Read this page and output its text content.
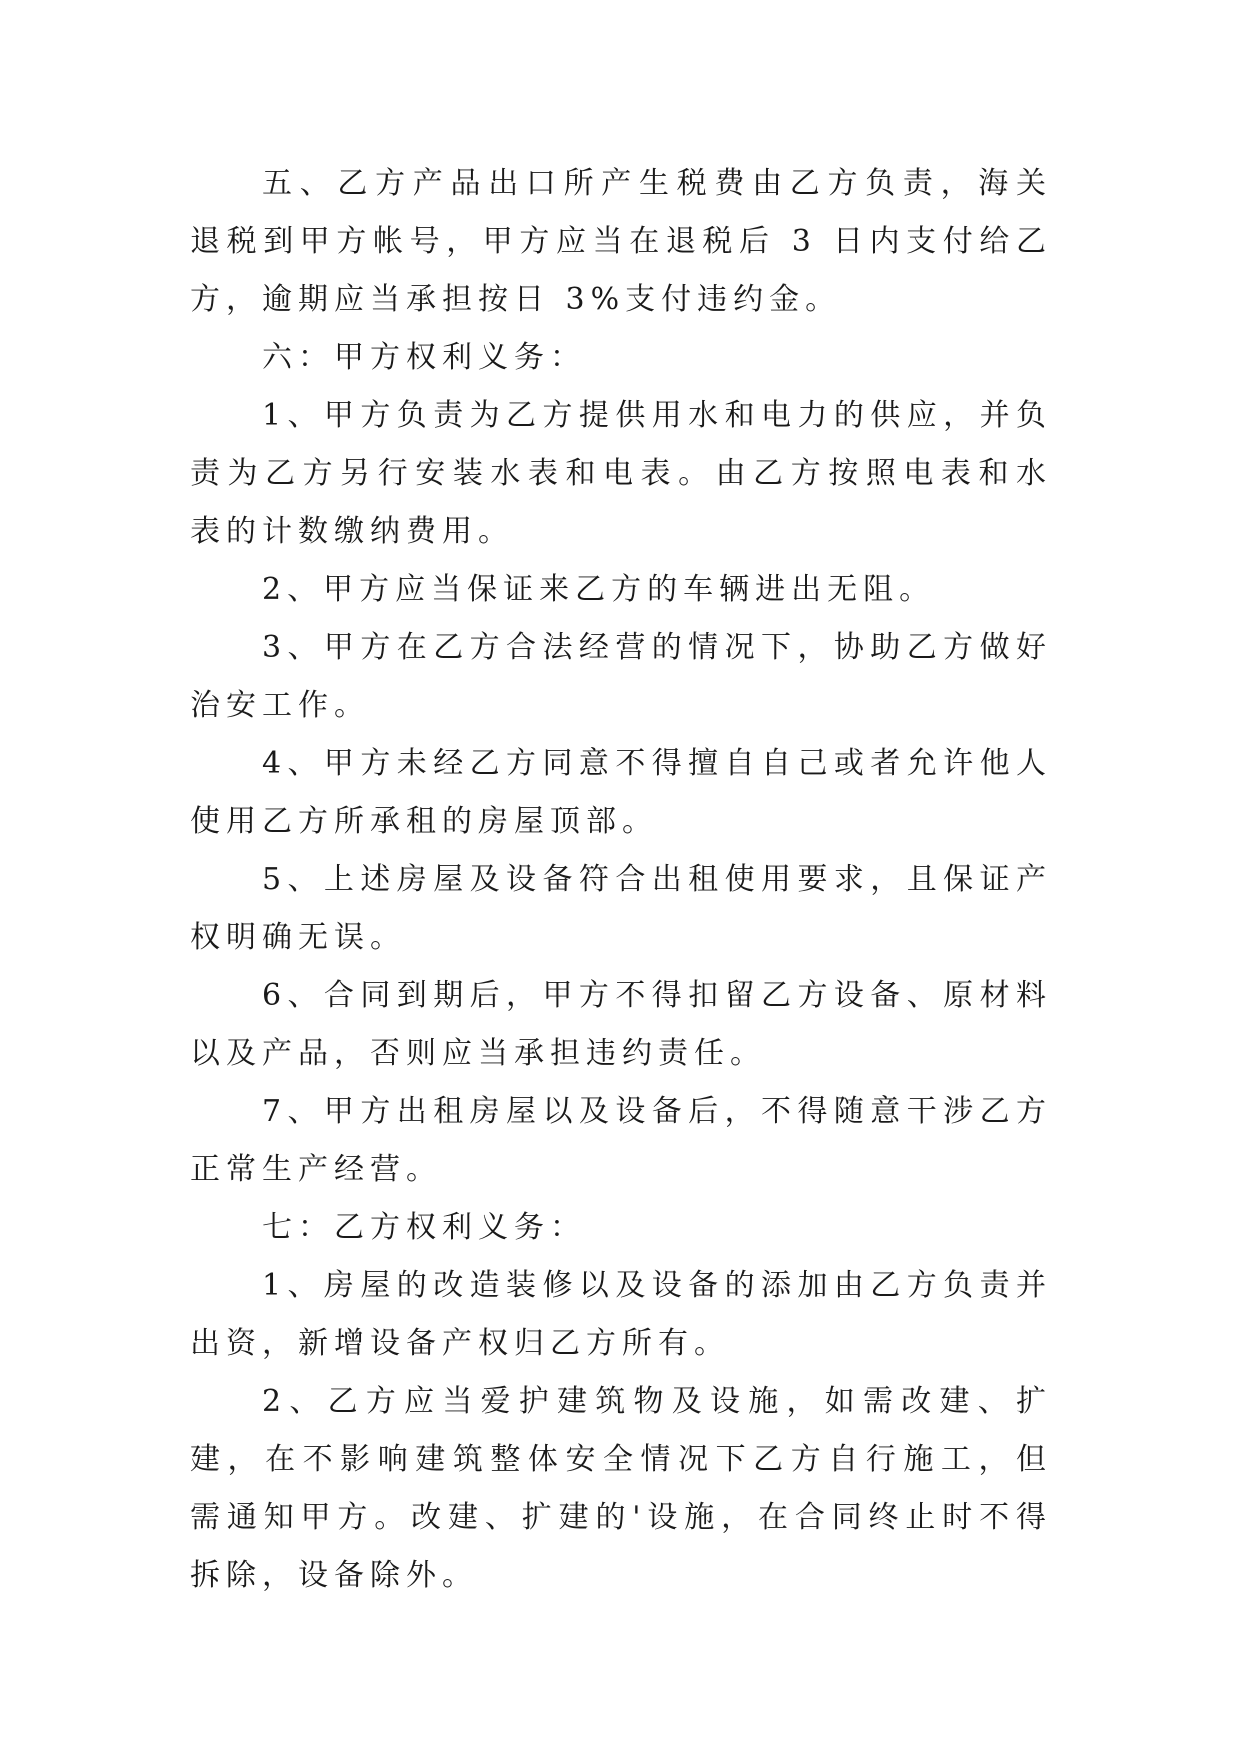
五、乙方产品出口所产生税费由乙方负责，海关退税到甲方帐号，甲方应当在退税后 3 日内支付给乙方，逾期应当承担按日 3%支付违约金。

六：甲方权利义务：

1、甲方负责为乙方提供用水和电力的供应，并负责为乙方另行安装水表和电表。由乙方按照电表和水表的计数缴纳费用。

2、甲方应当保证来乙方的车辆进出无阻。

3、甲方在乙方合法经营的情况下，协助乙方做好治安工作。

4、甲方未经乙方同意不得擅自自己或者允许他人使用乙方所承租的房屋顶部。

5、上述房屋及设备符合出租使用要求，且保证产权明确无误。

6、合同到期后，甲方不得扣留乙方设备、原材料以及产品，否则应当承担违约责任。

7、甲方出租房屋以及设备后，不得随意干涉乙方正常生产经营。

七：乙方权利义务：

1、房屋的改造装修以及设备的添加由乙方负责并出资，新增设备产权归乙方所有。

2、乙方应当爱护建筑物及设施，如需改建、扩建，在不影响建筑整体安全情况下乙方自行施工，但需通知甲方。改建、扩建的'设施，在合同终止时不得拆除，设备除外。
